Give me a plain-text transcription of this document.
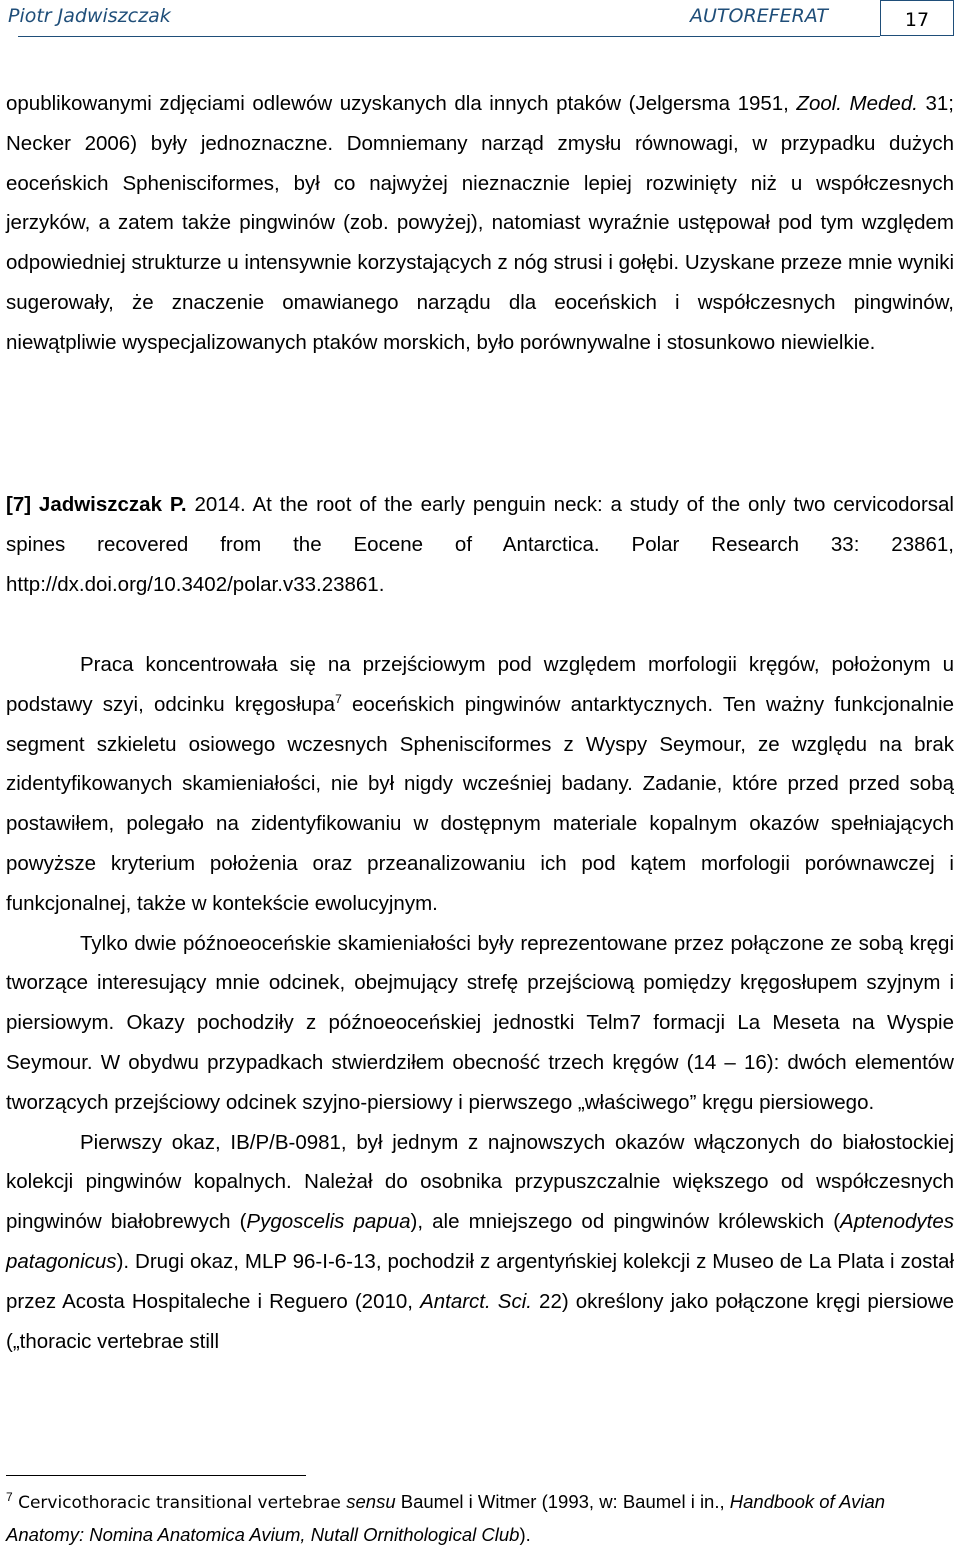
Piotr Jadwiszczak	AUTOREFERAT	17

opublikowanymi zdjęciami odlewów uzyskanych dla innych ptaków (Jelgersma 1951, Zool. Meded. 31; Necker 2006) były jednoznaczne. Domniemany narząd zmysłu równowagi, w przypadku dużych eoceńskich Sphenisciformes, był co najwyżej nieznacznie lepiej rozwinięty niż u współczesnych jerzyków, a zatem także pingwinów (zob. powyżej), natomiast wyraźnie ustępował pod tym względem odpowiedniej strukturze u intensywnie korzystających z nóg strusi i gołębi. Uzyskane przeze mnie wyniki sugerowały, że znaczenie omawianego narządu dla eoceńskich i współczesnych pingwinów, niewątpliwie wyspecjalizowanych ptaków morskich, było porównywalne i stosunkowo niewielkie.

[7] Jadwiszczak P. 2014. At the root of the early penguin neck: a study of the only two cervicodorsal spines recovered from the Eocene of Antarctica. Polar Research 33: 23861, http://dx.doi.org/10.3402/polar.v33.23861.

Praca koncentrowała się na przejściowym pod względem morfologii kręgów, położonym u podstawy szyi, odcinku kręgosłupa$^7$ eoceńskich pingwinów antarktycznych. Ten ważny funkcjonalnie segment szkieletu osiowego wczesnych Sphenisciformes z Wyspy Seymour, ze względu na brak zidentyfikowanych skamieniałości, nie był nigdy wcześniej badany. Zadanie, które przed przed sobą postawiłem, polegało na zidentyfikowaniu w dostępnym materiale kopalnym okazów spełniających powyższe kryterium położenia oraz przeanalizowaniu ich pod kątem morfologii porównawczej i funkcjonalnej, także w kontekście ewolucyjnym.

Tylko dwie późnoeoceńskie skamieniałości były reprezentowane przez połączone ze sobą kręgi tworzące interesujący mnie odcinek, obejmujący strefę przejściową pomiędzy kręgosłupem szyjnym i piersiowym. Okazy pochodziły z późnoeoceńskiej jednostki Telm7 formacji La Meseta na Wyspie Seymour. W obydwu przypadkach stwierdziłem obecność trzech kręgów (14 – 16): dwóch elementów tworzących przejściowy odcinek szyjno-piersiowy i pierwszego „właściwego” kręgu piersiowego.

Pierwszy okaz, IB/P/B-0981, był jednym z najnowszych okazów włączonych do białostockiej kolekcji pingwinów kopalnych. Należał do osobnika przypuszczalnie większego od współczesnych pingwinów białobrewych (Pygoscelis papua), ale mniejszego od pingwinów królewskich (Aptenodytes patagonicus). Drugi okaz, MLP 96-I-6-13, pochodził z argentyńskiej kolekcji z Museo de La Plata i został przez Acosta Hospitaleche i Reguero (2010, Antarct. Sci. 22) określony jako połączone kręgi piersiowe („thoracic vertebrae still

$^7$ Cervicothoracic transitional vertebrae sensu Baumel i Witmer (1993, w: Baumel i in., Handbook of Avian Anatomy: Nomina Anatomica Avium, Nutall Ornithological Club).
